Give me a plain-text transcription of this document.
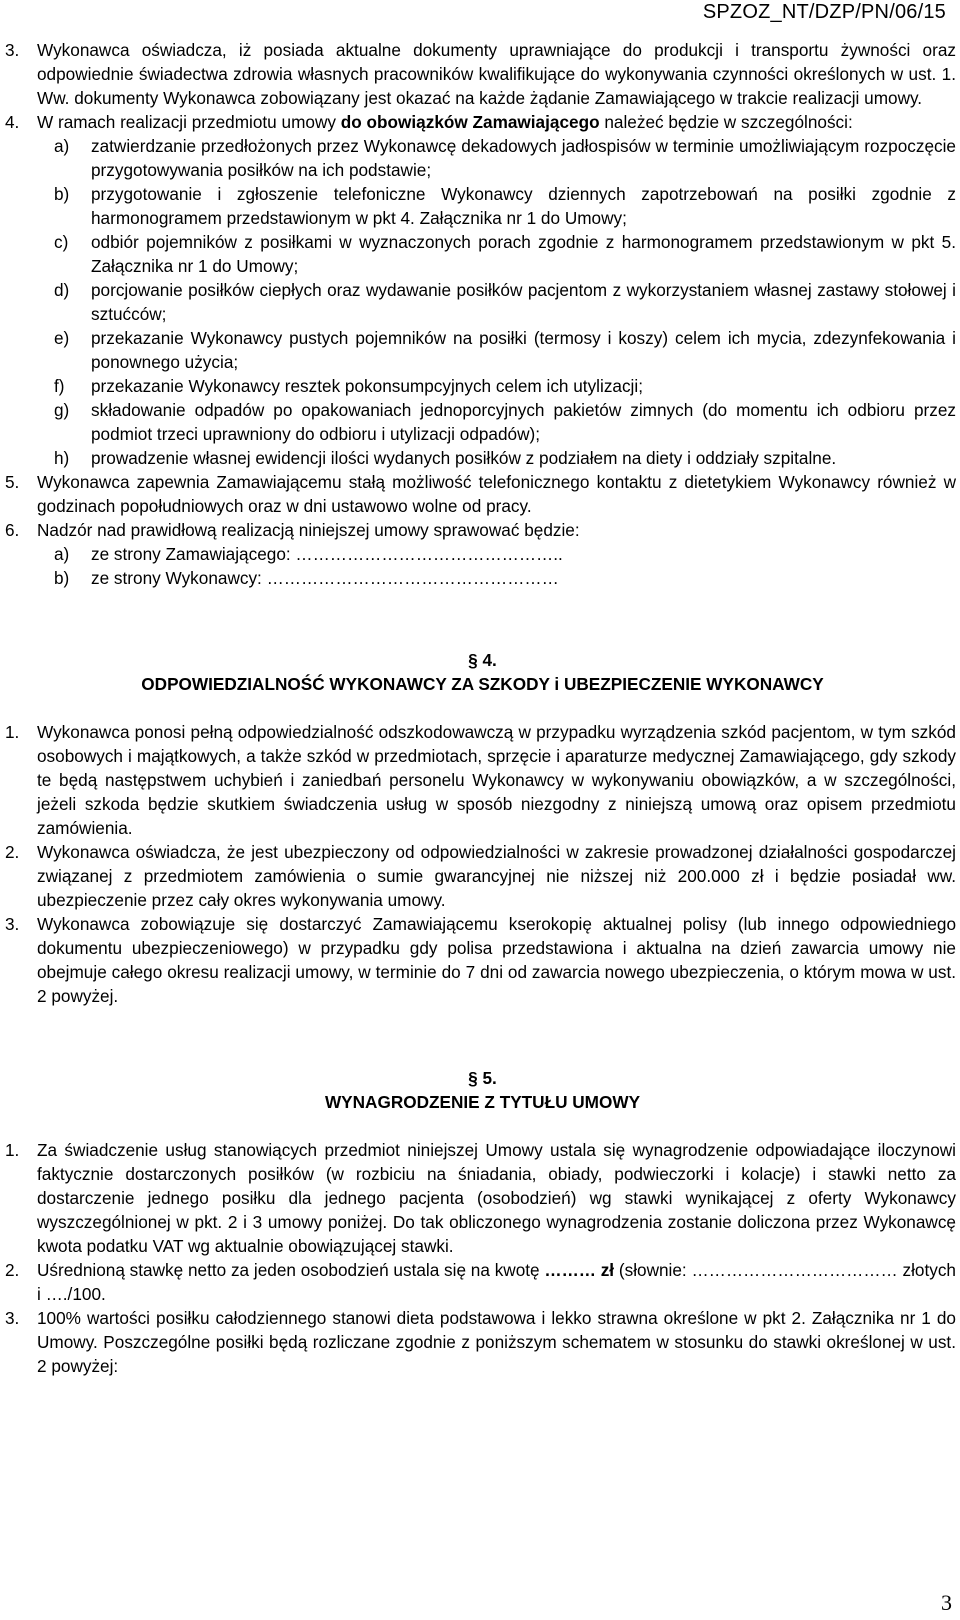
SPZOZ_NT/DZP/PN/06/15
3. Wykonawca oświadcza, iż posiada aktualne dokumenty uprawniające do produkcji i transportu żywności oraz odpowiednie świadectwa zdrowia własnych pracowników kwalifikujące do wykonywania czynności określonych w ust. 1. Ww. dokumenty Wykonawca zobowiązany jest okazać na każde żądanie Zamawiającego w trakcie realizacji umowy.
4. W ramach realizacji przedmiotu umowy do obowiązków Zamawiającego należeć będzie w szczególności:
a) zatwierdzanie przedłożonych przez Wykonawcę dekadowych jadłospisów w terminie umożliwiającym rozpoczęcie przygotowywania posiłków na ich podstawie;
b) przygotowanie i zgłoszenie telefoniczne Wykonawcy dziennych zapotrzebowań na posiłki zgodnie z harmonogramem przedstawionym w pkt 4. Załącznika nr 1 do Umowy;
c) odbiór pojemników z posiłkami w wyznaczonych porach zgodnie z harmonogramem przedstawionym w pkt 5. Załącznika nr 1 do Umowy;
d) porcjowanie posiłków ciepłych oraz wydawanie posiłków pacjentom z wykorzystaniem własnej zastawy stołowej i sztućców;
e) przekazanie Wykonawcy pustych pojemników na posiłki (termosy i koszy) celem ich mycia, zdezynfekowania i ponownego użycia;
f) przekazanie Wykonawcy resztek pokonsumpcyjnych celem ich utylizacji;
g) składowanie odpadów po opakowaniach jednoporcyjnych pakietów zimnych (do momentu ich odbioru przez podmiot trzeci uprawniony do odbioru i utylizacji odpadów);
h) prowadzenie własnej ewidencji ilości wydanych posiłków z podziałem na diety i oddziały szpitalne.
5. Wykonawca zapewnia Zamawiającemu stałą możliwość telefonicznego kontaktu z dietetykiem Wykonawcy również w godzinach popołudniowych oraz w dni ustawowo wolne od pracy.
6. Nadzór nad prawidłową realizacją niniejszej umowy sprawować będzie:
a) ze strony Zamawiającego: ………………………………………..
b) ze strony Wykonawcy: ……………………………………………
§ 4.
ODPOWIEDZIALNOŚĆ WYKONAWCY ZA SZKODY i UBEZPIECZENIE WYKONAWCY
1. Wykonawca ponosi pełną odpowiedzialność odszkodowawczą w przypadku wyrządzenia szkód pacjentom, w tym szkód osobowych i majątkowych, a także szkód w przedmiotach, sprzęcie i aparaturze medycznej Zamawiającego, gdy szkody te będą następstwem uchybień i zaniedbań personelu Wykonawcy w wykonywaniu obowiązków, a w szczególności, jeżeli szkoda będzie skutkiem świadczenia usług w sposób niezgodny z niniejszą umową oraz opisem przedmiotu zamówienia.
2. Wykonawca oświadcza, że jest ubezpieczony od odpowiedzialności w zakresie prowadzonej działalności gospodarczej związanej z przedmiotem zamówienia o sumie gwarancyjnej nie niższej niż 200.000 zł i będzie posiadał ww. ubezpieczenie przez cały okres wykonywania umowy.
3. Wykonawca zobowiązuje się dostarczyć Zamawiającemu kserokopię aktualnej polisy (lub innego odpowiedniego dokumentu ubezpieczeniowego) w przypadku gdy polisa przedstawiona i aktualna na dzień zawarcia umowy nie obejmuje całego okresu realizacji umowy, w terminie do 7 dni od zawarcia nowego ubezpieczenia, o którym mowa w ust. 2 powyżej.
§ 5.
WYNAGRODZENIE Z TYTUŁU UMOWY
1. Za świadczenie usług stanowiących przedmiot niniejszej Umowy ustala się wynagrodzenie odpowiadające iloczynowi faktycznie dostarczonych posiłków (w rozbiciu na śniadania, obiady, podwieczorki i kolacje) i stawki netto za dostarczenie jednego posiłku dla jednego pacjenta (osobodzień) wg stawki wynikającej z oferty Wykonawcy wyszczególnionej w pkt. 2 i 3 umowy poniżej. Do tak obliczonego wynagrodzenia zostanie doliczona przez Wykonawcę kwota podatku VAT wg aktualnie obowiązującej stawki.
2. Uśrednioną stawkę netto za jeden osobodzień ustala się na kwotę ……… zł (słownie: ……………………………… złotych i …./100.
3. 100% wartości posiłku całodziennego stanowi dieta podstawowa i lekko strawna określone w pkt 2. Załącznika nr 1 do Umowy. Poszczególne posiłki będą rozliczane zgodnie z poniższym schematem w stosunku do stawki określonej w ust. 2 powyżej:
3
